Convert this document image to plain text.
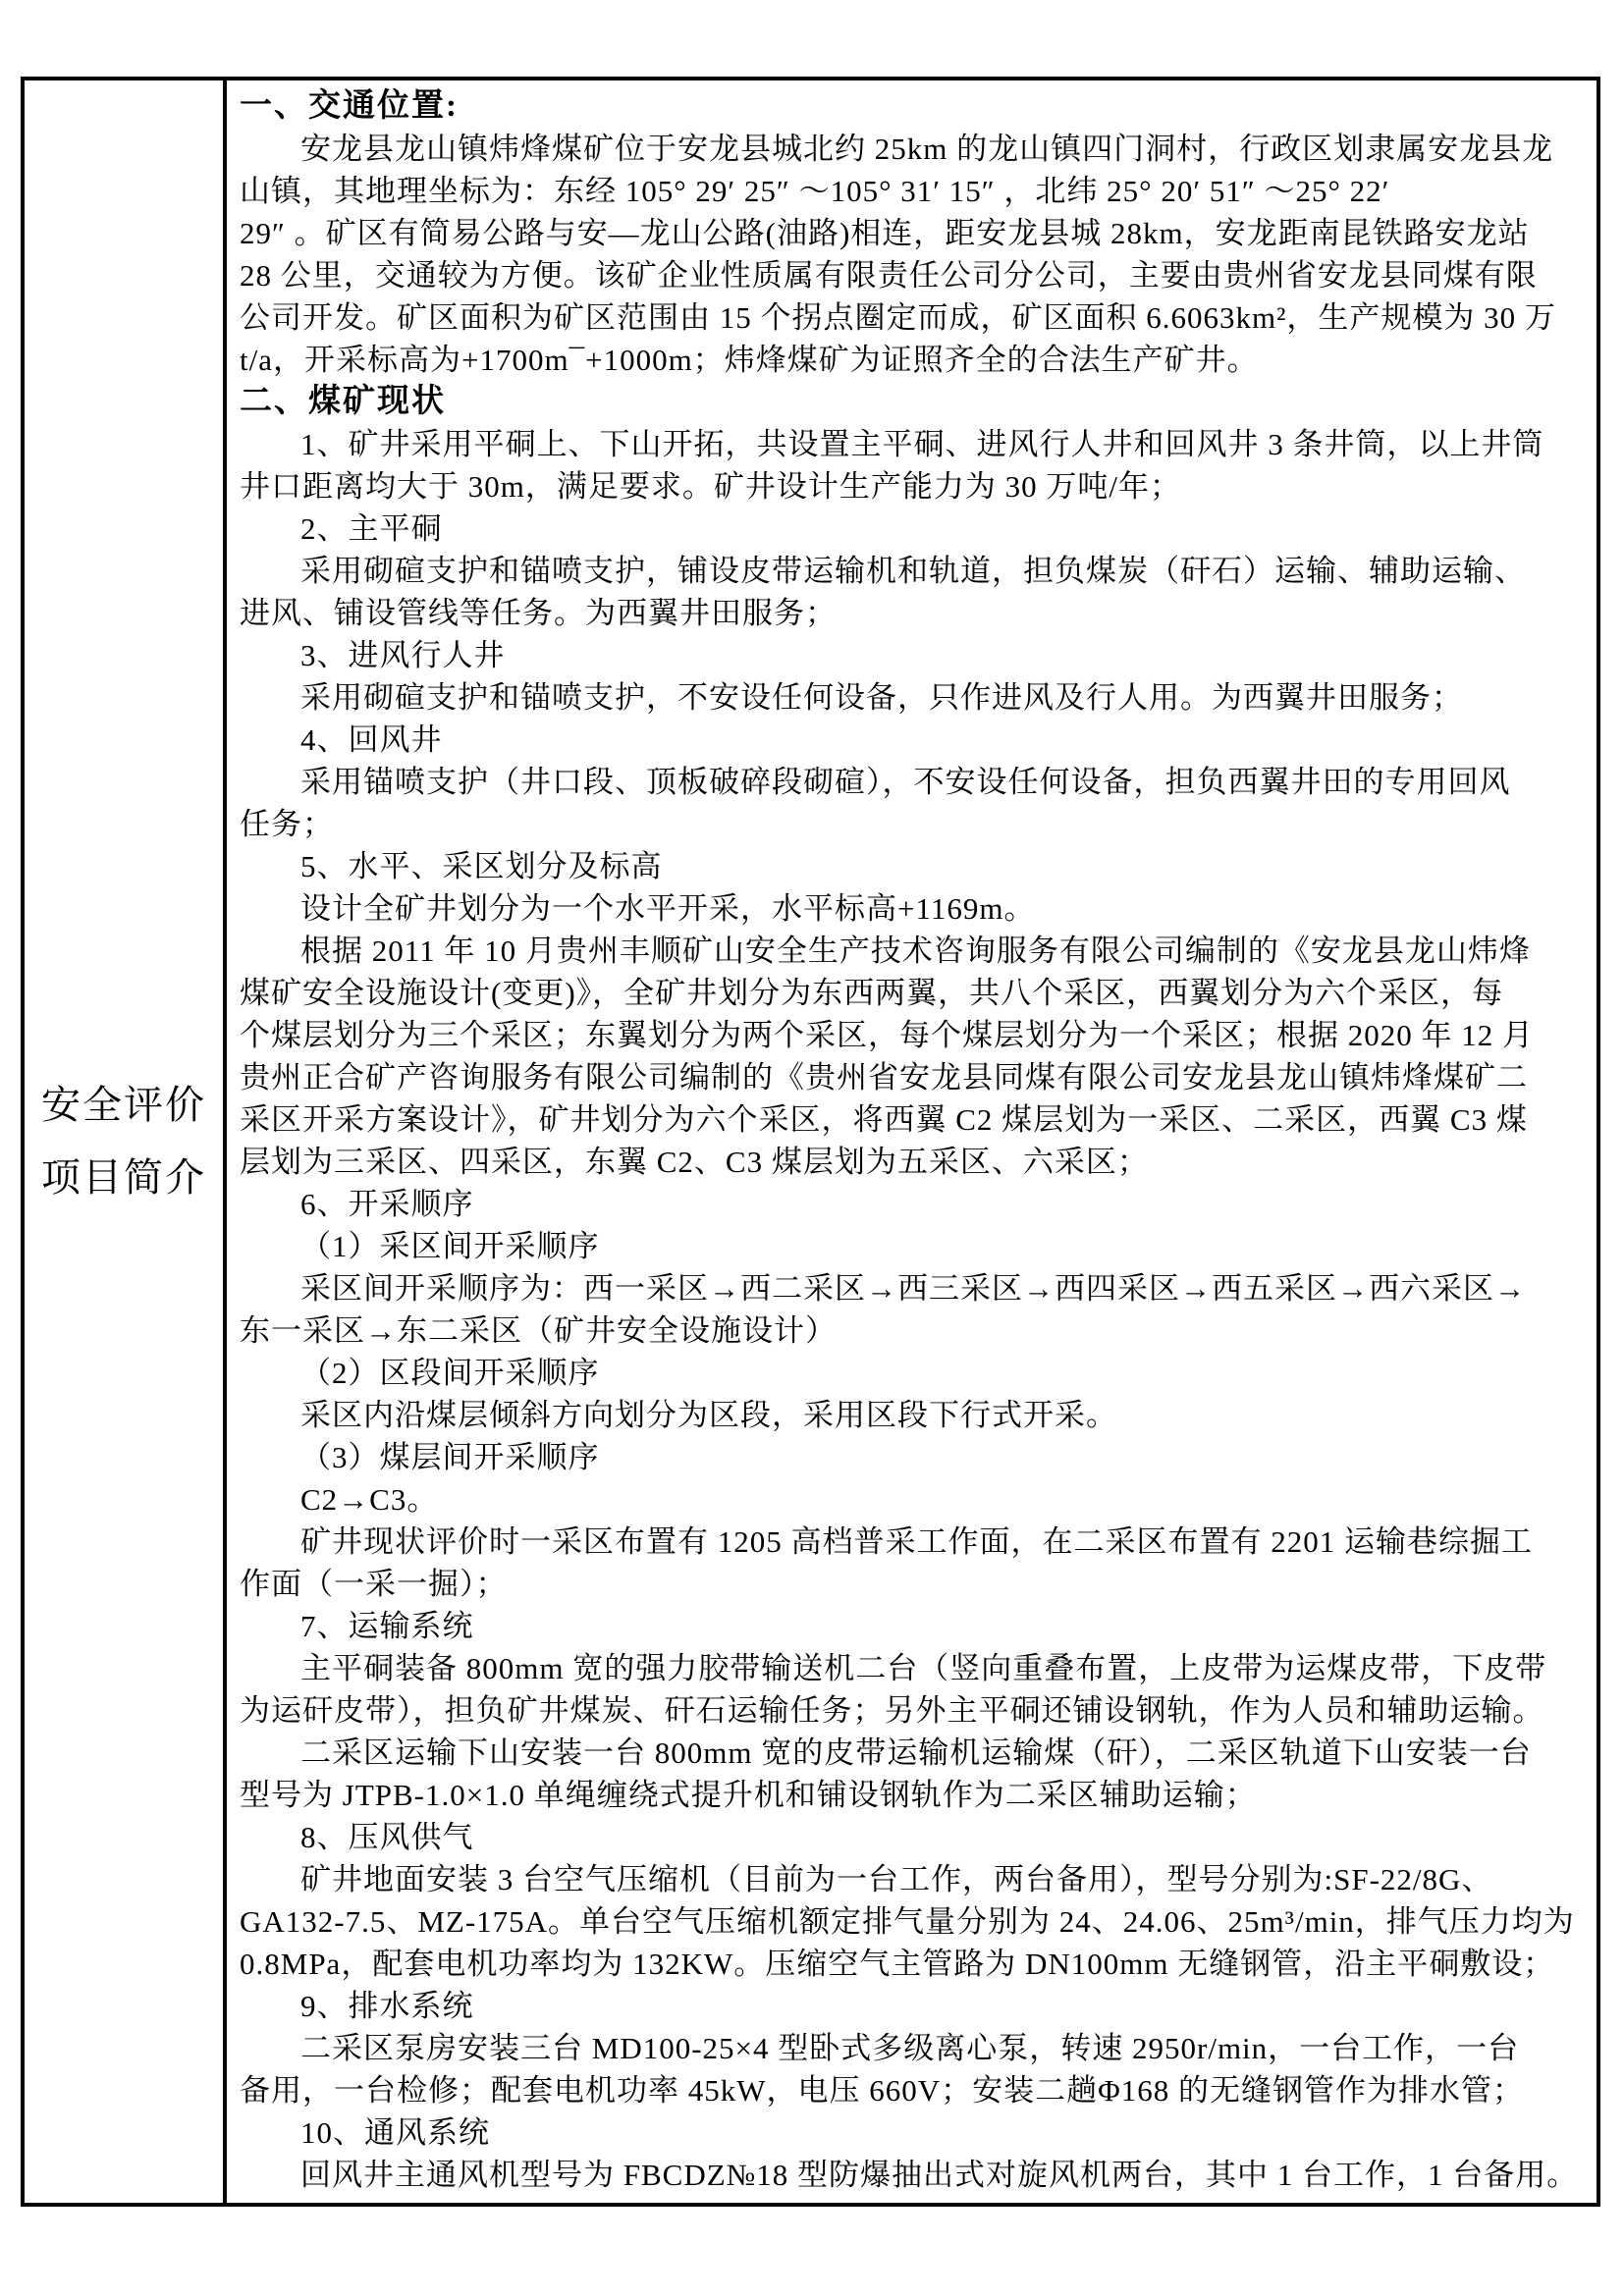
安全评价
项目简介
一、交通位置:
安龙县龙山镇炜烽煤矿位于安龙县城北约 25km 的龙山镇四门洞村，行政区划隶属安龙县龙
山镇，其地理坐标为：东经 105° 29′ 25″ ～105° 31′ 15″ ，北纬 25° 20′ 51″ ～25° 22′
29″ 。矿区有简易公路与安—龙山公路(油路)相连，距安龙县城 28km，安龙距南昆铁路安龙站
28 公里，交通较为方便。该矿企业性质属有限责任公司分公司，主要由贵州省安龙县同煤有限
公司开发。矿区面积为矿区范围由 15 个拐点圈定而成，矿区面积 6.6063km²，生产规模为 30 万
t/a，开采标高为+1700m¯+1000m；炜烽煤矿为证照齐全的合法生产矿井。
二、煤矿现状
1、矿井采用平硐上、下山开拓，共设置主平硐、进风行人井和回风井 3 条井筒，以上井筒
井口距离均大于 30m，满足要求。矿井设计生产能力为 30 万吨/年；
2、主平硐
采用砌碹支护和锚喷支护，铺设皮带运输机和轨道，担负煤炭（矸石）运输、辅助运输、
进风、铺设管线等任务。为西翼井田服务；
3、进风行人井
采用砌碹支护和锚喷支护，不安设任何设备，只作进风及行人用。为西翼井田服务；
4、回风井
采用锚喷支护（井口段、顶板破碎段砌碹），不安设任何设备，担负西翼井田的专用回风
任务；
5、水平、采区划分及标高
设计全矿井划分为一个水平开采，水平标高+1169m。
根据 2011 年 10 月贵州丰顺矿山安全生产技术咨询服务有限公司编制的《安龙县龙山炜烽
煤矿安全设施设计(变更)》，全矿井划分为东西两翼，共八个采区，西翼划分为六个采区，每
个煤层划分为三个采区；东翼划分为两个采区，每个煤层划分为一个采区；根据 2020 年 12 月
贵州正合矿产咨询服务有限公司编制的《贵州省安龙县同煤有限公司安龙县龙山镇炜烽煤矿二
采区开采方案设计》，矿井划分为六个采区，将西翼 C2 煤层划为一采区、二采区，西翼 C3 煤
层划为三采区、四采区，东翼 C2、C3 煤层划为五采区、六采区；
6、开采顺序
（1）采区间开采顺序
采区间开采顺序为：西一采区→西二采区→西三采区→西四采区→西五采区→西六采区→
东一采区→东二采区（矿井安全设施设计）
（2）区段间开采顺序
采区内沿煤层倾斜方向划分为区段，采用区段下行式开采。
（3）煤层间开采顺序
C2→C3。
矿井现状评价时一采区布置有 1205 高档普采工作面，在二采区布置有 2201 运输巷综掘工
作面（一采一掘）；
7、运输系统
主平硐装备 800mm 宽的强力胶带输送机二台（竖向重叠布置，上皮带为运煤皮带，下皮带
为运矸皮带），担负矿井煤炭、矸石运输任务；另外主平硐还铺设钢轨，作为人员和辅助运输。
二采区运输下山安装一台 800mm 宽的皮带运输机运输煤（矸），二采区轨道下山安装一台
型号为 JTPB-1.0×1.0 单绳缠绕式提升机和铺设钢轨作为二采区辅助运输；
8、压风供气
矿井地面安装 3 台空气压缩机（目前为一台工作，两台备用），型号分别为:SF-22/8G、
GA132-7.5、MZ-175A。单台空气压缩机额定排气量分别为 24、24.06、25m³/min，排气压力均为
0.8MPa，配套电机功率均为 132KW。压缩空气主管路为 DN100mm 无缝钢管，沿主平硐敷设；
9、排水系统
二采区泵房安装三台 MD100-25×4 型卧式多级离心泵，转速 2950r/min，一台工作，一台
备用，一台检修；配套电机功率 45kW，电压 660V；安装二趟Φ168 的无缝钢管作为排水管；
10、通风系统
回风井主通风机型号为 FBCDZ№18 型防爆抽出式对旋风机两台，其中 1 台工作，1 台备用。
